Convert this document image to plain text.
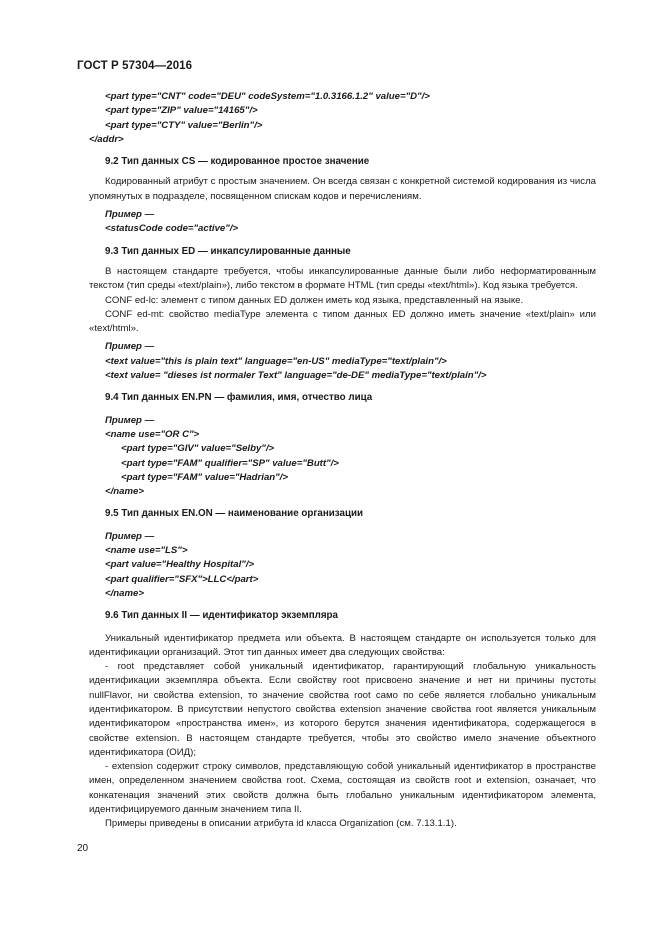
ГОСТ Р 57304—2016

<part type="CNT" code="DEU" codeSystem="1.0.3166.1.2" value="D"/>

<part type="ZIP" value="14165"/>

<part type="CTY" value="Berlin"/>

</addr>

9.2 Тип данных CS — кодированное простое значение

Кодированный атрибут с простым значением. Он всегда связан с конкретной системой кодирования из числа упомянутых в подразделе, посвященном спискам кодов и перечислениям.

Пример —

<statusCode code="active"/>

9.3 Тип данных ED — инкапсулированные данные

В настоящем стандарте требуется, чтобы инкапсулированные данные были либо неформатированным текстом (тип среды «text/plain»), либо текстом в формате HTML (тип среды «text/html»). Код языка требуется.

CONF ed-lc: элемент с типом данных ED должен иметь код языка, представленный на языке.

CONF ed-mt: свойство mediaType элемента с типом данных ED должно иметь значение «text/plain» или «text/html».

Пример —

<text value="this is plain text" language="en-US" mediaType="text/plain"/>

<text value= "dieses ist normaler Text" language="de-DE" mediaType="text/plain"/>

9.4 Тип данных EN.PN — фамилия, имя, отчество лица

Пример —

<name use="OR C">

<part type="GIV" value="Selby"/>

<part type="FAM" qualifier="SP" value="Butt"/>

<part type="FAM" value="Hadrian"/>

</name>

9.5 Тип данных EN.ON — наименование организации

Пример —

<name use="LS">

<part value="Healthy Hospital"/>

<part qualifier="SFX">LLC</part>

</name>

9.6 Тип данных II — идентификатор экземпляра

Уникальный идентификатор предмета или объекта. В настоящем стандарте он используется только для идентификации организаций. Этот тип данных имеет два следующих свойства:

- root представляет собой уникальный идентификатор, гарантирующий глобальную уникальность идентификации экземпляра объекта. Если свойству root присвоено значение и нет ни причины пустоты nullFlavor, ни свойства extension, то значение свойства root само по себе является глобально уникальным идентификатором. В присутствии непустого свойства extension значение свойства root является уникальным идентификатором «пространства имен», из которого берутся значения идентификатора, содержащегося в свойстве extension. В настоящем стандарте требуется, чтобы это свойство имело значение объектного идентификатора (ОИД);

- extension содержит строку символов, представляющую собой уникальный идентификатор в пространстве имен, определенном значением свойства root. Схема, состоящая из свойств root и extension, означает, что конкатенация значений этих свойств должна быть глобально уникальным идентификатором элемента, идентифицируемого данным значением типа II.

Примеры приведены в описании атрибута id класса Organization (см. 7.13.1.1).

20
